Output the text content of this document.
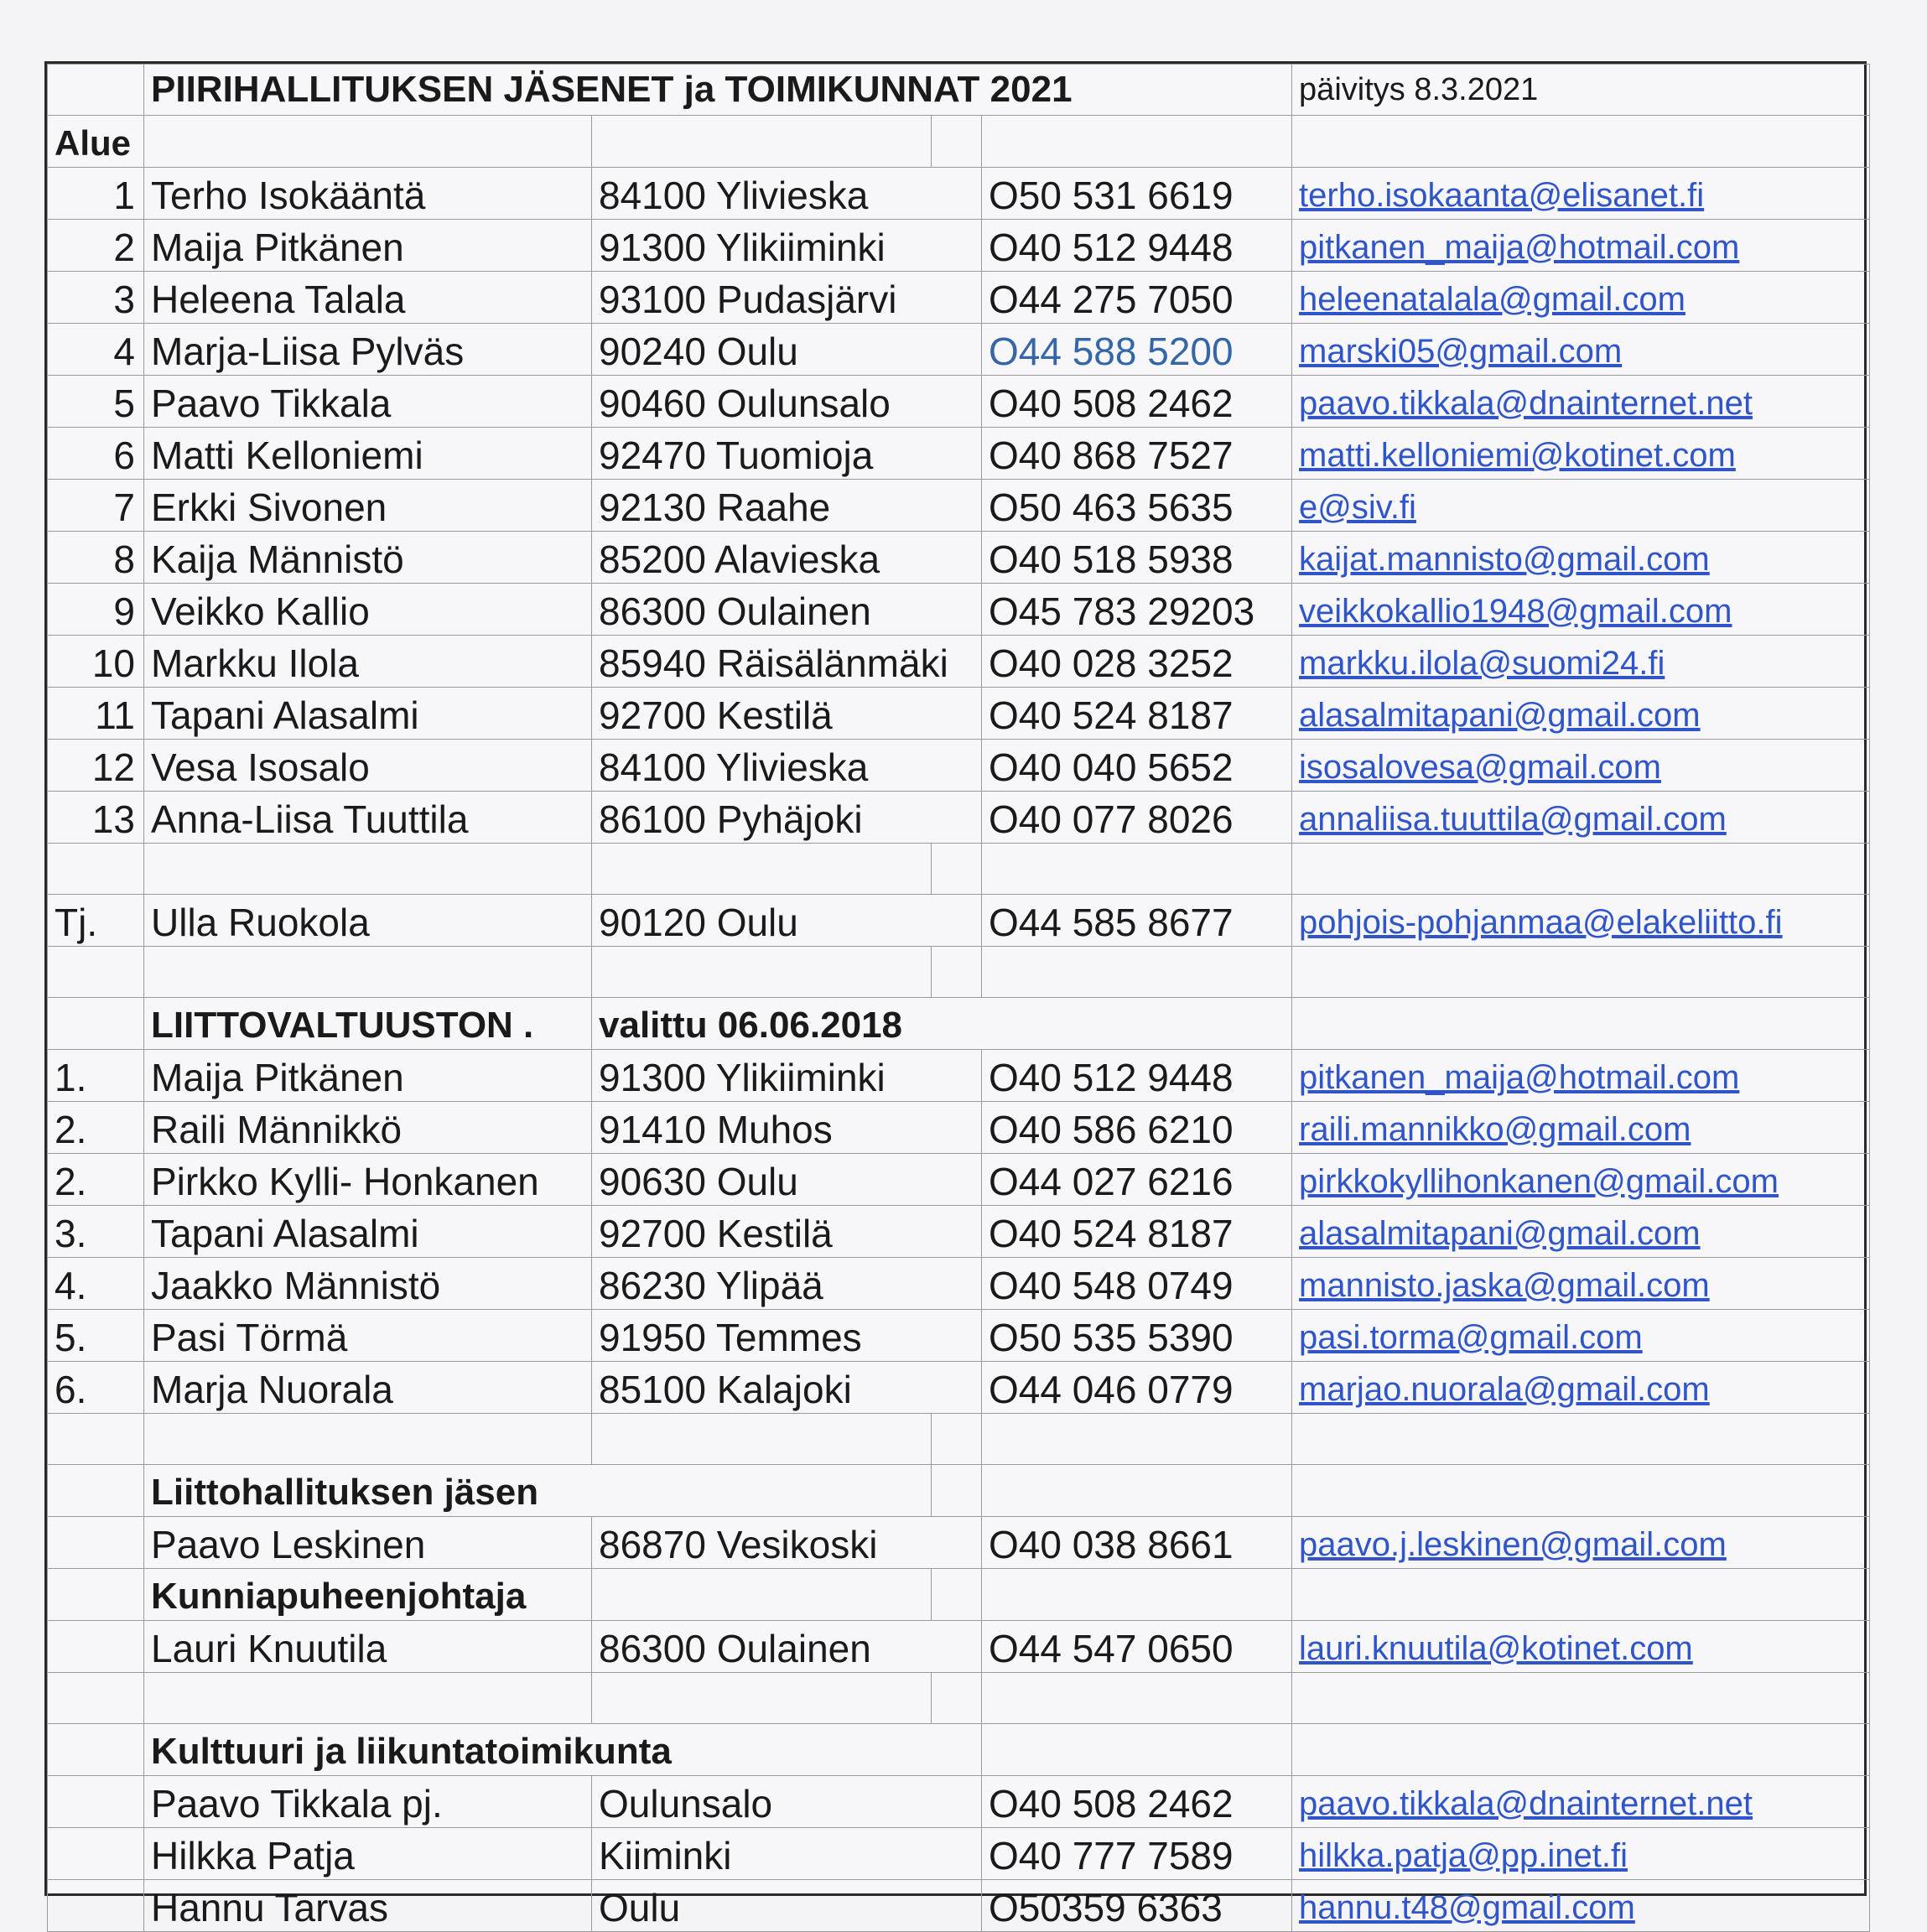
	PIIRIHALLITUKSEN JÄSENET ja TOIMIKUNNAT 2021				päivitys 8.3.2021
Alue					
1	Terho Isokääntä	84100 Ylivieska		O50 531 6619	terho.isokaanta@elisanet.fi
2	Maija Pitkänen	91300 Ylikiiminki		O40 512 9448	pitkanen_maija@hotmail.com
3	Heleena Talala	93100 Pudasjärvi		O44 275 7050	heleenatalala@gmail.com
4	Marja-Liisa Pylväs	90240 Oulu		O44 588 5200	marski05@gmail.com
5	Paavo Tikkala	90460 Oulunsalo		O40 508 2462	paavo.tikkala@dnainternet.net
6	Matti Kelloniemi	92470 Tuomioja		O40 868 7527	matti.kelloniemi@kotinet.com
7	Erkki Sivonen	92130 Raahe		O50 463 5635	e@siv.fi
8	Kaija Männistö	85200 Alavieska		O40 518 5938	kaijat.mannisto@gmail.com
9	Veikko Kallio	86300 Oulainen		O45 783 29203	veikkokallio1948@gmail.com
10	Markku Ilola	85940 Räisälänmäki		O40 028 3252	markku.ilola@suomi24.fi
11	Tapani Alasalmi	92700 Kestilä		O40 524 8187	alasalmitapani@gmail.com
12	Vesa Isosalo	84100 Ylivieska		O40 040 5652	isosalovesa@gmail.com
13	Anna-Liisa Tuuttila	86100 Pyhäjoki		O40 077 8026	annaliisa.tuuttila@gmail.com

Tj.	Ulla Ruokola	90120 Oulu		O44 585 8677	pohjois-pohjanmaa@elakeliitto.fi

	LIITTOVALTUUSTON .	valittu 06.06.2018			
1.	Maija Pitkänen	91300 Ylikiiminki		O40 512 9448	pitkanen_maija@hotmail.com
2.	Raili Männikkö	91410 Muhos		O40 586 6210	raili.mannikko@gmail.com
2.	Pirkko Kylli- Honkanen	90630 Oulu		O44 027 6216	pirkkokyllihonkanen@gmail.com
3.	Tapani Alasalmi	92700 Kestilä		O40 524 8187	alasalmitapani@gmail.com
4.	Jaakko Männistö	86230 Ylipää		O40 548 0749	mannisto.jaska@gmail.com
5.	Pasi Törmä	91950 Temmes		O50 535 5390	pasi.torma@gmail.com
6.	Marja Nuorala	85100 Kalajoki		O44 046 0779	marjao.nuorala@gmail.com

	Liittohallituksen jäsen				
	Paavo Leskinen	86870 Vesikoski		O40 038 8661	paavo.j.leskinen@gmail.com
	Kunniapuheenjohtaja				
	Lauri Knuutila	86300 Oulainen		O44 547 0650	lauri.knuutila@kotinet.com

	Kulttuuri ja liikuntatoimikunta				
	Paavo Tikkala pj.	Oulunsalo		O40 508 2462	paavo.tikkala@dnainternet.net
	Hilkka Patja	Kiiminki		O40 777 7589	hilkka.patja@pp.inet.fi
	Hannu Tarvas	Oulu		O50359 6363	hannu.t48@gmail.com
